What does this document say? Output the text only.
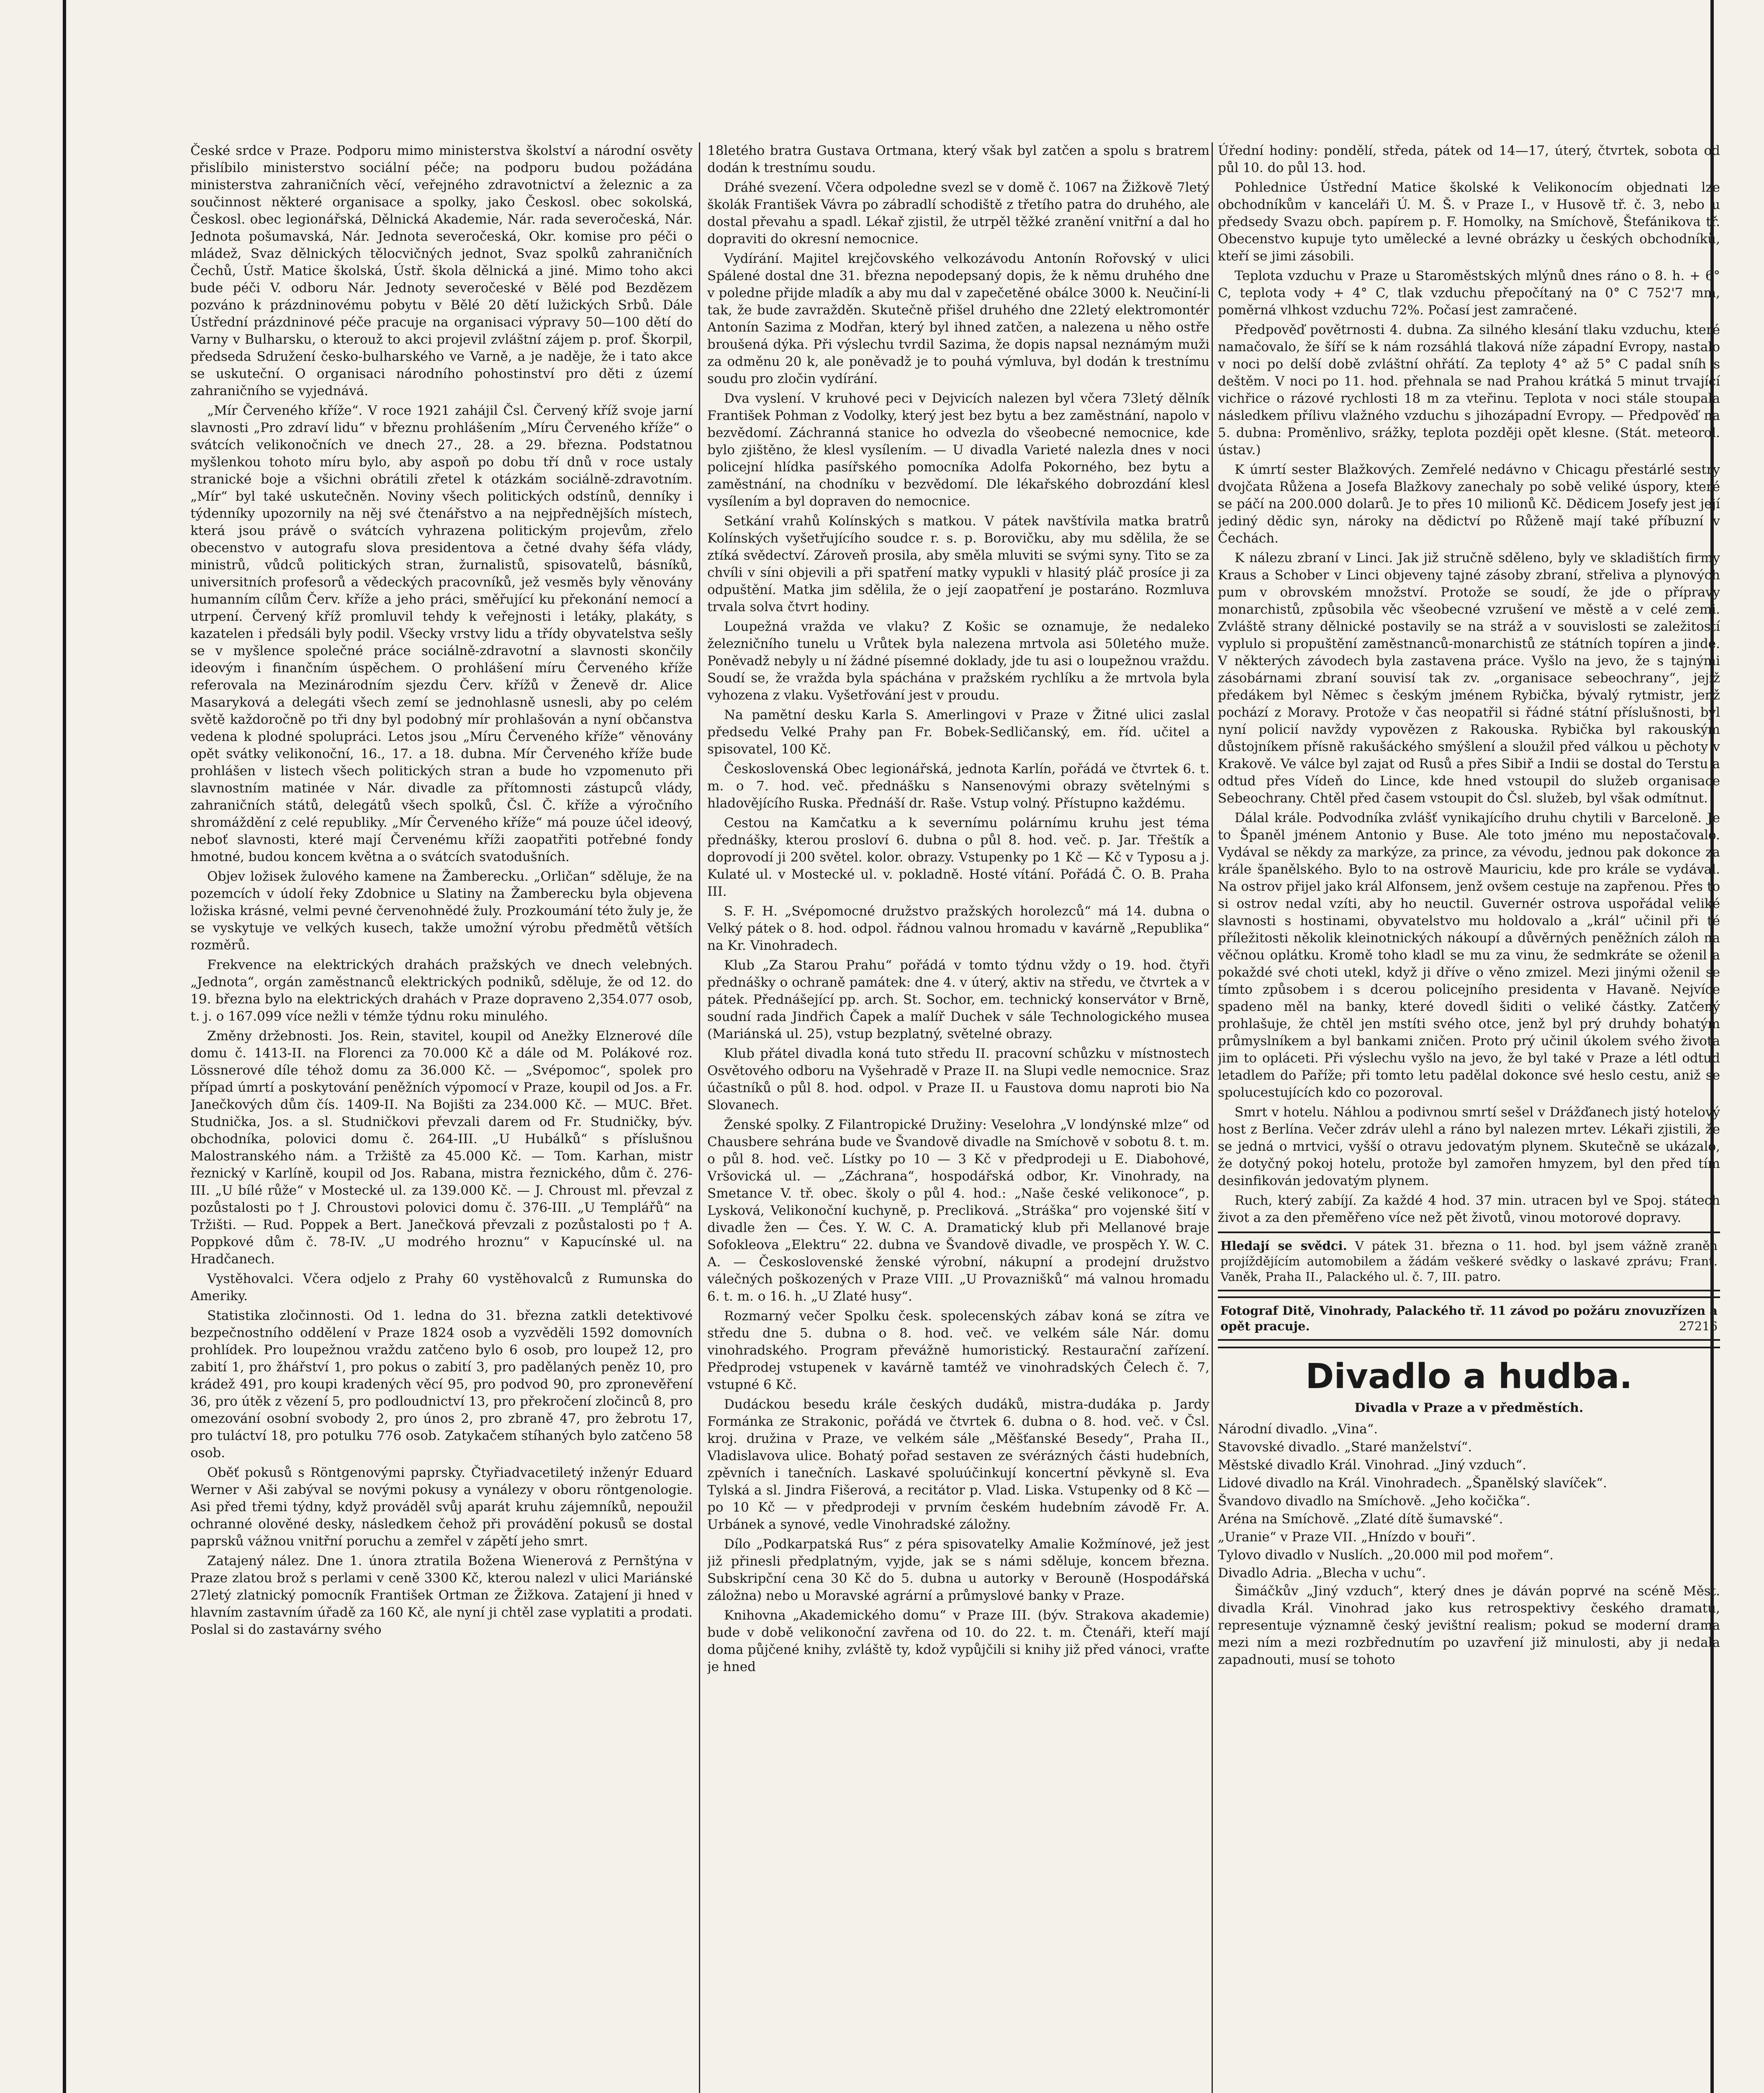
České srdce v Praze. Podporu mimo ministerstva školství a národní osvěty přislíbilo ministerstvo sociální péče; na podporu budou požádána ministerstva zahraničních věcí, veřejného zdravotnictví a železnic a za součinnost některé organisace a spolky, jako Českosl. obec sokolská, Českosl. obec legionářská, Dělnická Akademie, Nár. rada severočeská, Nár. Jednota pošumavská, Nár. Jednota severočeská, Okr. komise pro péči o mládež, Svaz dělnických tělocvičných jednot, Svaz spolků zahraničních Čechů, Ústř. Matice školská, Ústř. škola dělnická a jiné. Mimo toho akci bude péči V. odboru Nár. Jednoty severočeské v Bělé pod Bezdězem pozváno k prázdninovému pobytu v Bělé 20 dětí lužických Srbů. Dále Ústřední prázdninové péče pracuje na organisaci výpravy 50—100 dětí do Varny v Bulharsku, o kterouž to akci projevil zvláštní zájem p. prof. Škorpil, předseda Sdružení česko-bulharského ve Varně, a je naděje, že i tato akce se uskuteční. O organisaci národního pohostinství pro děti z území zahraničního se vyjednává.

„Mír Červeného kříže“. V roce 1921 zahájil Čsl. Červený kříž svoje jarní slavnosti „Pro zdraví lidu“ v březnu prohlášením „Míru Červeného kříže“ o svátcích velikonočních ve dnech 27., 28. a 29. března. Podstatnou myšlenkou tohoto míru bylo, aby aspoň po dobu tří dnů v roce ustaly stranické boje a všichni obrátili zřetel k otázkám sociálně-zdravotním. „Mír“ byl také uskutečněn. Noviny všech politických odstínů, denníky i týdenníky upozornily na něj své čtenářstvo a na nejpřednějších místech, která jsou právě o svátcích vyhrazena politickým projevům, zřelo obecenstvo v autografu slova presidentova a četné dvahy šéfa vlády, ministrů, vůdců politických stran, žurnalistů, spisovatelů, básníků, universitních profesorů a vědeckých pracovníků, jež vesměs byly věnovány humanním cílům Červ. kříže a jeho práci, směřující ku překonání nemocí a utrpení. Červený kříž promluvil tehdy k veřejnosti i letáky, plakáty, s kazatelen i předsáli byly podil. Všecky vrstvy lidu a třídy obyvatelstva sešly se v myšlence společné práce sociálně-zdravotní a slavnosti skončily ideovým i finančním úspěchem. O prohlášení míru Červeného kříže referovala na Mezinárodním sjezdu Červ. křížů v Ženevě dr. Alice Masaryková a delegáti všech zemí se jednohlasně usnesli, aby po celém světě každoročně po tři dny byl podobný mír prohlašován a nyní občanstva vedena k plodné spolupráci. Letos jsou „Míru Červeného kříže“ věnovány opět svátky velikonoční, 16., 17. a 18. dubna. Mír Červeného kříže bude prohlášen v listech všech politických stran a bude ho vzpomenuto při slavnostním matinée v Nár. divadle za přítomnosti zástupců vlády, zahraničních států, delegátů všech spolků, Čsl. Č. kříže a výročního shromáždění z celé republiky. „Mír Červeného kříže“ má pouze účel ideový, neboť slavnosti, které mají Červenému kříži zaopatřiti potřebné fondy hmotné, budou koncem května a o svátcích svatodušních.

Objev ložisek žulového kamene na Žamberecku. „Orličan“ sděluje, že na pozemcích v údolí řeky Zdobnice u Slatiny na Žamberecku byla objevena ložiska krásné, velmi pevné červenohnědé žuly. Prozkoumání této žuly je, že se vyskytuje ve velkých kusech, takže umožní výrobu předmětů větších rozměrů.

Frekvence na elektrických drahách pražských ve dnech velebných. „Jednota“, orgán zaměstnanců elektrických podniků, sděluje, že od 12. do 19. března bylo na elektrických drahách v Praze dopraveno 2,354.077 osob, t. j. o 167.099 více nežli v témže týdnu roku minulého.

Změny držebnosti. Jos. Rein, stavitel, koupil od Anežky Elznerové díle domu č. 1413-II. na Florenci za 70.000 Kč a dále od M. Polákové roz. Lössnerové díle téhož domu za 36.000 Kč. — „Svépomoc“, spolek pro případ úmrtí a poskytování peněžních výpomocí v Praze, koupil od Jos. a Fr. Janečkových dům čís. 1409-II. Na Bojišti za 234.000 Kč. — MUC. Břet. Studnička, Jos. a sl. Studničkovi převzali darem od Fr. Studničky, býv. obchodníka, polovici domu č. 264-III. „U Hubálků“ s příslušnou Malostranského nám. a Tržiště za 45.000 Kč. — Tom. Karhan, mistr řeznický v Karlíně, koupil od Jos. Rabana, mistra řeznického, dům č. 276-III. „U bílé růže“ v Mostecké ul. za 139.000 Kč. — J. Chroust ml. převzal z pozůstalosti po † J. Chroustovi polovici domu č. 376-III. „U Templářů“ na Tržišti. — Rud. Poppek a Bert. Janečková převzali z pozůstalosti po † A. Poppkové dům č. 78-IV. „U modrého hroznu“ v Kapucínské ul. na Hradčanech.

Vystěhovalci. Včera odjelo z Prahy 60 vystěhovalců z Rumunska do Ameriky.

Statistika zločinnosti. Od 1. ledna do 31. března zatkli detektivové bezpečnostního oddělení v Praze 1824 osob a vyzvěděli 1592 domovních prohlídek. Pro loupežnou vraždu zatčeno bylo 6 osob, pro loupež 12, pro zabití 1, pro žhářství 1, pro pokus o zabití 3, pro padělaných peněz 10, pro krádež 491, pro koupi kradených věcí 95, pro podvod 90, pro zpronevěření 36, pro útěk z vězení 5, pro podloudnictví 13, pro překročení zločinců 8, pro omezování osobní svobody 2, pro únos 2, pro zbraně 47, pro žebrotu 17, pro tuláctví 18, pro potulku 776 osob. Zatykačem stíhaných bylo zatčeno 58 osob.

Oběť pokusů s Röntgenovými paprsky. Čtyřiadvacetiletý inženýr Eduard Werner v Aši zabýval se novými pokusy a vynálezy v oboru röntgenologie. Asi před třemi týdny, když prováděl svůj aparát kruhu zájemníků, nepoužil ochranné olověné desky, následkem čehož při provádění pokusů se dostal paprsků vážnou vnitřní poruchu a zemřel v zápětí jeho smrt.

Zatajený nález. Dne 1. února ztratila Božena Wienerová z Pernštýna v Praze zlatou brož s perlami v ceně 3300 Kč, kterou nalezl v ulici Mariánské 27letý zlatnický pomocník František Ortman ze Žižkova. Zatajení ji hned v hlavním zastavním úřadě za 160 Kč, ale nyní ji chtěl zase vyplatiti a prodati. Poslal si do zastavárny svého

18letého bratra Gustava Ortmana, který však byl zatčen a spolu s bratrem dodán k trestnímu soudu.

Dráhé svezení. Včera odpoledne svezl se v domě č. 1067 na Žižkově 7letý školák František Vávra po zábradlí schodiště z třetího patra do druhého, ale dostal převahu a spadl. Lékař zjistil, že utrpěl těžké zranění vnitřní a dal ho dopraviti do okresní nemocnice.

Vydírání. Majitel krejčovského velkozávodu Antonín Rořovský v ulici Spálené dostal dne 31. března nepodepsaný dopis, že k němu druhého dne v poledne přijde mladík a aby mu dal v zapečetěné obálce 3000 k. Neučiní-li tak, že bude zavražděn. Skutečně přišel druhého dne 22letý elektromontér Antonín Sazima z Modřan, který byl ihned zatčen, a nalezena u něho ostře broušená dýka. Při výslechu tvrdil Sazima, že dopis napsal neznámým muži za odměnu 20 k, ale poněvadž je to pouhá výmluva, byl dodán k trestnímu soudu pro zločin vydírání.

Dva vyslení. V kruhové peci v Dejvicích nalezen byl včera 73letý dělník František Pohman z Vodolky, který jest bez bytu a bez zaměstnání, napolo v bezvědomí. Záchranná stanice ho odvezla do všeobecné nemocnice, kde bylo zjištěno, že klesl vysílením. — U divadla Varieté nalezla dnes v noci policejní hlídka pasířského pomocníka Adolfa Pokorného, bez bytu a zaměstnání, na chodníku v bezvědomí. Dle lékařského dobrozdání klesl vysílením a byl dopraven do nemocnice.

Setkání vrahů Kolínských s matkou. V pátek navštívila matka bratrů Kolínských vyšetřujícího soudce r. s. p. Borovičku, aby mu sdělila, že se ztíká svědectví. Zároveň prosila, aby směla mluviti se svými syny. Tito se za chvíli v síni objevili a při spatření matky vypukli v hlasitý pláč prosíce ji za odpuštění. Matka jim sdělila, že o její zaopatření je postaráno. Rozmluva trvala solva čtvrt hodiny.

Loupežná vražda ve vlaku? Z Košic se oznamuje, že nedaleko železničního tunelu u Vrůtek byla nalezena mrtvola asi 50letého muže. Poněvadž nebyly u ní žádné písemné doklady, jde tu asi o loupežnou vraždu. Soudí se, že vražda byla spáchána v pražském rychlíku a že mrtvola byla vyhozena z vlaku. Vyšetřování jest v proudu.

Na pamětní desku Karla S. Amerlingovi v Praze v Žitné ulici zaslal předsedu Velké Prahy pan Fr. Bobek-Sedličanský, em. říd. učitel a spisovatel, 100 Kč.

Československá Obec legionářská, jednota Karlín, pořádá ve čtvrtek 6. t. m. o 7. hod. več. přednášku s Nansenovými obrazy světelnými s hladovějícího Ruska. Přednáší dr. Raše. Vstup volný. Přístupno každému.

Cestou na Kamčatku a k severnímu polárnímu kruhu jest téma přednášky, kterou prosloví 6. dubna o půl 8. hod. več. p. Jar. Třeštík a doprovodí ji 200 světel. kolor. obrazy. Vstupenky po 1 Kč — Kč v Typosu a j. Kulaté ul. v Mostecké ul. v. pokladně. Hosté vítání. Pořádá Č. O. B. Praha III.

S. F. H. „Svépomocné družstvo pražských horolezců“ má 14. dubna o Velký pátek o 8. hod. odpol. řádnou valnou hromadu v kavárně „Republika“ na Kr. Vinohradech.

Klub „Za Starou Prahu“ pořádá v tomto týdnu vždy o 19. hod. čtyři přednášky o ochraně památek: dne 4. v úterý, aktiv na středu, ve čtvrtek a v pátek. Přednášející pp. arch. St. Sochor, em. technický konservátor v Brně, soudní rada Jindřich Čapek a malíř Duchek v sále Technologického musea (Mariánská ul. 25), vstup bezplatný, světelné obrazy.

Klub přátel divadla koná tuto středu II. pracovní schůzku v místnostech Osvětového odboru na Vyšehradě v Praze II. na Slupi vedle nemocnice. Sraz účastníků o půl 8. hod. odpol. v Praze II. u Faustova domu naproti bio Na Slovanech.

Ženské spolky. Z Filantropické Družiny: Veselohra „V londýnské mlze“ od Chausbere sehrána bude ve Švandově divadle na Smíchově v sobotu 8. t. m. o půl 8. hod. več. Lístky po 10 — 3 Kč v předprodeji u E. Diabohové, Vršovická ul. — „Záchrana“, hospodářská odbor, Kr. Vinohrady, na Smetance V. tř. obec. školy o půl 4. hod.: „Naše české velikonoce“, p. Lysková, Velikonoční kuchyně, p. Precliková. „Stráška“ pro vojenské šití v divadle žen — Čes. Y. W. C. A. Dramatický klub při Mellanové braje Sofokleova „Elektru“ 22. dubna ve Švandově divadle, ve prospěch Y. W. C. A. — Československé ženské výrobní, nákupní a prodejní družstvo válečných poškozených v Praze VIII. „U Provaznišků“ má valnou hromadu 6. t. m. o 16. h. „U Zlaté husy“.

Rozmarný večer Spolku česk. spolecenských zábav koná se zítra ve středu dne 5. dubna o 8. hod. več. ve velkém sále Nár. domu vinohradského. Program převážně humoristický. Restaurační zařízení. Předprodej vstupenek v kavárně tamtéž ve vinohradských Čelech č. 7, vstupné 6 Kč.

Dudáckou besedu krále českých dudáků, mistra-dudáka p. Jardy Formánka ze Strakonic, pořádá ve čtvrtek 6. dubna o 8. hod. več. v Čsl. kroj. družina v Praze, ve velkém sále „Měšťanské Besedy“, Praha II., Vladislavova ulice. Bohatý pořad sestaven ze svérázných části hudebních, zpěvních i tanečních. Laskavé spoluúčinkují koncertní pěvkyně sl. Eva Tylská a sl. Jindra Fišerová, a recitátor p. Vlad. Liska. Vstupenky od 8 Kč — po 10 Kč — v předprodeji v prvním českém hudebním závodě Fr. A. Urbánek a synové, vedle Vinohradské záložny.

Dílo „Podkarpatská Rus“ z péra spisovatelky Amalie Kožmínové, jež jest již přinesli předplatným, vyjde, jak se s námi sděluje, koncem března. Subskripční cena 30 Kč do 5. dubna u autorky v Berouně (Hospodářská záložna) nebo u Moravské agrární a průmyslové banky v Praze.

Knihovna „Akademického domu“ v Praze III. (býv. Strakova akademie) bude v době velikonoční zavřena od 10. do 22. t. m. Čtenáři, kteří mají doma půjčené knihy, zvláště ty, kdož vypůjčili si knihy již před vánoci, vraťte je hned

Úřední hodiny: pondělí, středa, pátek od 14—17, úterý, čtvrtek, sobota od půl 10. do půl 13. hod.

Pohlednice Ústřední Matice školské k Velikonocím objednati lze obchodníkům v kanceláři Ú. M. Š. v Praze I., v Husově tř. č. 3, nebo u předsedy Svazu obch. papírem p. F. Homolky, na Smíchově, Štefánikova tř. Obecenstvo kupuje tyto umělecké a levné obrázky u českých obchodníků, kteří se jimi zásobili.

Teplota vzduchu v Praze u Staroměstských mlýnů dnes ráno o 8. h. + 6° C, teplota vody + 4° C, tlak vzduchu přepočítaný na 0° C 752'7 mm, poměrná vlhkost vzduchu 72%. Počasí jest zamračené.

Předpověď povětrnosti 4. dubna. Za silného klesání tlaku vzduchu, které namačovalo, že šíří se k nám rozsáhlá tlaková níže západní Evropy, nastalo v noci po delší době zvláštní ohřátí. Za teploty 4° až 5° C padal sníh s deštěm. V noci po 11. hod. přehnala se nad Prahou krátká 5 minut trvající vichřice o rázové rychlosti 18 m za vteřinu. Teplota v noci stále stoupala následkem přílivu vlažného vzduchu s jihozápadní Evropy. — Předpověď na 5. dubna: Proměnlivo, srážky, teplota později opět klesne. (Stát. meteorol. ústav.)

K úmrtí sester Blažkových. Zemřelé nedávno v Chicagu přestárlé sestry dvojčata Růžena a Josefa Blažkovy zanechaly po sobě veliké úspory, které se páčí na 200.000 dolarů. Je to přes 10 milionů Kč. Dědicem Josefy jest její jediný dědic syn, nároky na dědictví po Růženě mají také příbuzní v Čechách.

K nálezu zbraní v Linci. Jak již stručně sděleno, byly ve skladištích firmy Kraus a Schober v Linci objeveny tajné zásoby zbraní, střeliva a plynových pum v obrovském množství. Protože se soudí, že jde o přípravy monarchistů, způsobila věc všeobecné vzrušení ve městě a v celé zemi. Zvláště strany dělnické postavily se na stráž a v souvislosti se zaležitostí vyplulo si propuštění zaměstnanců-monarchistů ze státních topíren a jinde. V některých závodech byla zastavena práce. Vyšlo na jevo, že s tajnými zásobárnami zbraní souvisí tak zv. „organisace sebeochrany“, jejíž předákem byl Němec s českým jménem Rybička, bývalý rytmistr, jenž pochází z Moravy. Protože v čas neopatřil si řádné státní příslušnosti, byl nyní policií navždy vypovězen z Rakouska. Rybička byl rakouským důstojníkem přísně rakušáckého smýšlení a sloužil před válkou u pěchoty v Krakově. Ve válce byl zajat od Rusů a přes Sibiř a Indii se dostal do Terstu a odtud přes Vídeň do Lince, kde hned vstoupil do služeb organisace Sebeochrany. Chtěl před časem vstoupit do Čsl. služeb, byl však odmítnut.

Dálal krále. Podvodníka zvlášť vynikajícího druhu chytili v Barceloně. Je to Španěl jménem Antonio y Buse. Ale toto jméno mu nepostačovalo. Vydával se někdy za markýze, za prince, za vévodu, jednou pak dokonce za krále španělského. Bylo to na ostrově Mauriciu, kde pro krále se vydával. Na ostrov přijel jako král Alfonsem, jenž ovšem cestuje na zapřenou. Přes to si ostrov nedal vzíti, aby ho neuctil. Guvernér ostrova uspořádal veliké slavnosti s hostinami, obyvatelstvo mu holdovalo a „král“ učinil při té příležitosti několik kleinotnických nákoupí a důvěrných peněžních záloh na věčnou oplátku. Kromě toho kladl se mu za vinu, že sedmkráte se oženil a pokaždé své choti utekl, když ji dříve o věno zmizel. Mezi jinými oženil se tímto způsobem i s dcerou policejního presidenta v Havaně. Nejvíce spadeno měl na banky, které dovedl šiditi o veliké částky. Zatčený prohlašuje, že chtěl jen mstíti svého otce, jenž byl prý druhdy bohatým průmyslníkem a byl bankami zničen. Proto prý učinil úkolem svého života jim to opláceti. Při výslechu vyšlo na jevo, že byl také v Praze a létl odtud letadlem do Paříže; při tomto letu padělal dokonce své heslo cestu, aniž se spolucestujících kdo co pozoroval.

Smrt v hotelu. Náhlou a podivnou smrtí sešel v Drážďanech jistý hotelový host z Berlína. Večer zdráv ulehl a ráno byl nalezen mrtev. Lékaři zjistili, že se jedná o mrtvici, vyšší o otravu jedovatým plynem. Skutečně se ukázalo, že dotyčný pokoj hotelu, protože byl zamořen hmyzem, byl den před tím desinfikován jedovatým plynem.

Ruch, který zabíjí. Za každé 4 hod. 37 min. utracen byl ve Spoj. státech život a za den přeměřeno více než pět životů, vinou motorové dopravy.

Hledají se svědci. V pátek 31. března o 11. hod. byl jsem vážně zraněn projíždějícím automobilem a žádám veškeré svědky o laskavé zprávu; Frant. Vaněk, Praha II., Palackého ul. č. 7, III. patro.
Fotograf Ditě, Vinohrady, Palackého tř. 11 závod po požáru znovuzřízen a opět pracuje.	27216
Divadlo a hudba.
Divadla v Praze a v předměstích.

Národní divadlo. „Vina“.

Stavovské divadlo. „Staré manželství“.

Městské divadlo Král. Vinohrad. „Jiný vzduch“.

Lidové divadlo na Král. Vinohradech. „Španělský slavíček“.

Švandovo divadlo na Smíchově. „Jeho kočička“.

Aréna na Smíchově. „Zlaté dítě šumavské“.

„Uranie“ v Praze VII. „Hnízdo v bouři“.

Tylovo divadlo v Nuslích. „20.000 mil pod mořem“.

Divadlo Adria. „Blecha v uchu“.

Šimáčkův „Jiný vzduch“, který dnes je dáván poprvé na scéně Měst. divadla Král. Vinohrad jako kus retrospektivy českého dramatu, representuje významně český jevištní realism; pokud se moderní drama mezi ním a mezi rozbřednutím po uzavření již minulosti, aby ji nedala zapadnouti, musí se tohoto
